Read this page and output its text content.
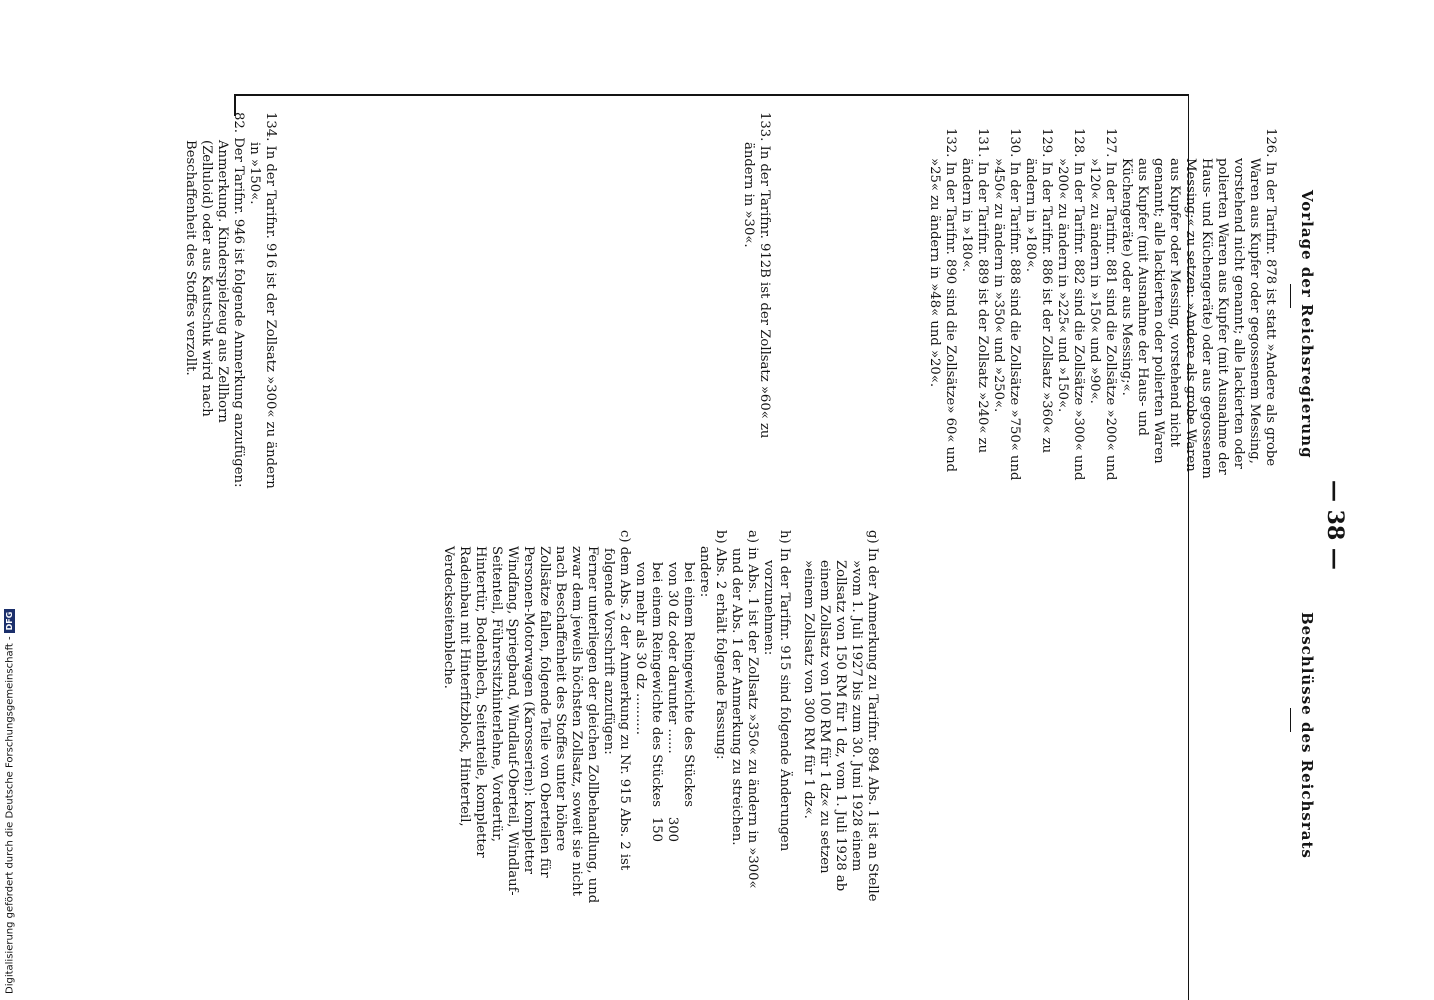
Vorlage der Reichsregierung
— 38 —
Beschlüsse des Reichsrats

126. In der Tarifnr. 878 ist statt »Andere als grobe Waren aus Kupfer oder gegossenem Messing, vorstehend nicht genannt; alle lackierten oder polierten Waren aus Kupfer (mit Ausnahme der Haus- und Küchengeräte) oder aus gegossenem Messing;« zu setzen: »Andere als grobe Waren aus Kupfer oder Messing, vorstehend nicht genannt; alle lackierten oder polierten Waren aus Kupfer (mit Ausnahme der Haus- und Küchengeräte) oder aus Messing;«.

127. In der Tarifnr. 881 sind die Zollsätze »200« und »120« zu ändern in »150« und »90«.

128. In der Tarifnr. 882 sind die Zollsätze »300« und »200« zu ändern in »225« und »150«.

129. In der Tarifnr. 886 ist der Zollsatz »360« zu ändern in »180«.

130. In der Tarifnr. 888 sind die Zollsätze »750« und »450« zu ändern in »350« und »250«.

131. In der Tarifnr. 889 ist der Zollsatz »240« zu ändern in »180«.

132. In der Tarifnr. 890 sind die Zollsätze» 60« und »25« zu ändern in »48« und »20«.

133. In der Tarifnr. 912B ist der Zollsatz »60« zu ändern in »30«.

134. In der Tarifnr. 916 ist der Zollsatz »300« zu ändern in »150«.

82. Der Tarifnr. 946 ist folgende Anmerkung anzufügen:

Anmerkung. Kinderspielzeug aus Zellhorn (Zelluloid) oder aus Kautschuk wird nach Beschaffenheit des Stoffes verzollt.

g) In der Anmerkung zu Tarifnr. 894 Abs. 1 ist an Stelle »vom 1. Juli 1927 bis zum 30. Juni 1928 einem Zollsatz von 150 RM für 1 dz, vom 1. Juli 1928 ab einem Zollsatz von 100 RM für 1 dz« zu setzen »einem Zollsatz von 300 RM für 1 dz«.

h) In der Tarifnr. 915 sind folgende Änderungen vorzunehmen:

a) in Abs. 1 ist der Zollsatz »350« zu ändern in »300« und der Abs. 1 der Anmerkung zu streichen.

b) Abs. 2 erhält folgende Fassung:

andere:

bei einem Reingewichte des Stückes
von 30 dz oder darunter ......
300
bei einem Reingewichte des Stückes von mehr als 30 dz ..........
150

c) dem Abs. 2 der Anmerkung zu Nr. 915 Abs. 2 ist folgende Vorschrift anzufügen:

Ferner unterliegen der gleichen Zollbehandlung, und zwar dem jeweils höchsten Zollsatz, soweit sie nicht nach Beschaffenheit des Stoffes unter höhere Zollsätze fallen, folgende Teile von Oberteilen für Personen-Motorwagen (Karosserien): kompletter Windfang, Spriegband, Windlauf-Oberteil, Windlauf-Seitenteil, Führersitzhinterlehne, Vordertür, Hintertür, Bodenblech, Seitenteile, kompletter Radeinbau mit Hinterfitzblock, Hinterteil, Verdeckseitenbleche.

Digitalisierung gefördert durch die Deutsche Forschungsgemeinschaft -DFG
